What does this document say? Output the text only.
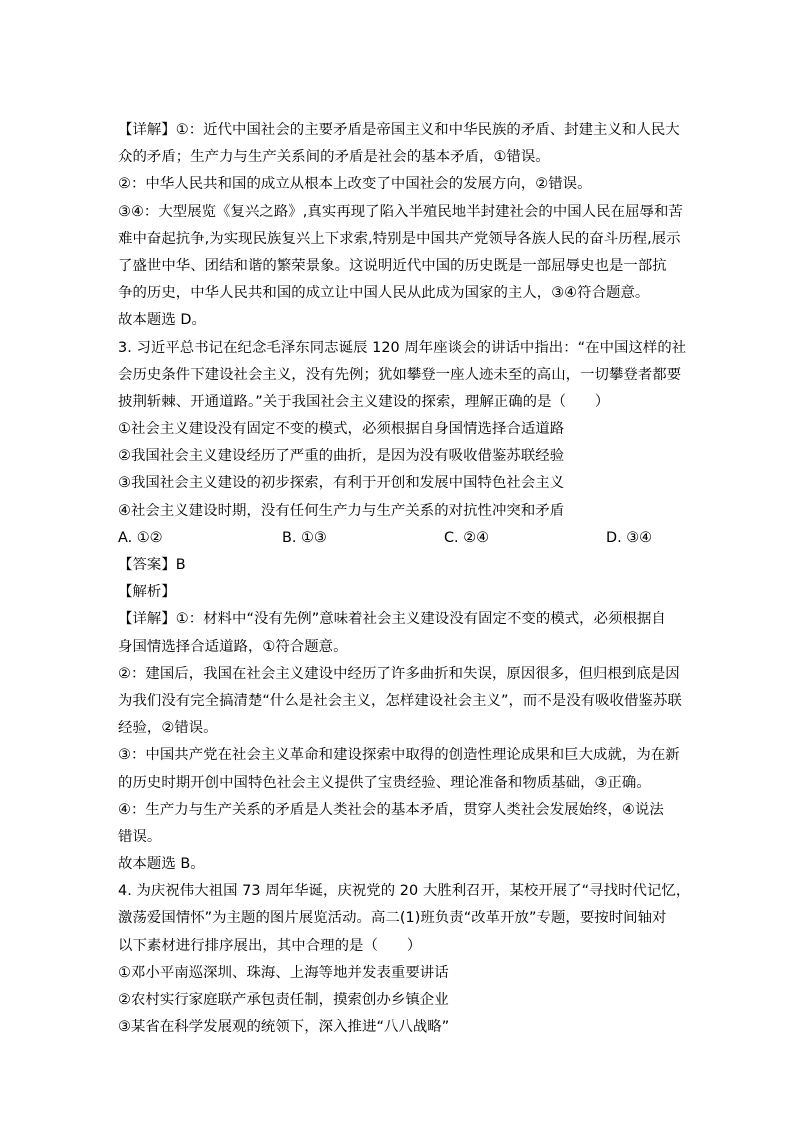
【详解】①：近代中国社会的主要矛盾是帝国主义和中华民族的矛盾、封建主义和人民大
众的矛盾；生产力与生产关系间的矛盾是社会的基本矛盾，①错误。
②：中华人民共和国的成立从根本上改变了中国社会的发展方向，②错误。
③④：大型展览《复兴之路》,真实再现了陷入半殖民地半封建社会的中国人民在屈辱和苦
难中奋起抗争,为实现民族复兴上下求索,特别是中国共产党领导各族人民的奋斗历程,展示
了盛世中华、团结和谐的繁荣景象。这说明近代中国的历史既是一部屈辱史也是一部抗
争的历史，中华人民共和国的成立让中国人民从此成为国家的主人，③④符合题意。
故本题选 D。
3. 习近平总书记在纪念毛泽东同志诞辰 120 周年座谈会的讲话中指出：“在中国这样的社
会历史条件下建设社会主义，没有先例；犹如攀登一座人迹未至的高山，一切攀登者都要
披荆斩棘、开通道路。”关于我国社会主义建设的探索，理解正确的是（　　）
①社会主义建设没有固定不变的模式，必须根据自身国情选择合适道路
②我国社会主义建设经历了严重的曲折，是因为没有吸收借鉴苏联经验
③我国社会主义建设的初步探索，有利于开创和发展中国特色社会主义
④社会主义建设时期，没有任何生产力与生产关系的对抗性冲突和矛盾
A. ①②	B. ①③	C. ②④	D. ③④
【答案】B
【解析】
【详解】①：材料中“没有先例”意味着社会主义建设没有固定不变的模式，必须根据自
身国情选择合适道路，①符合题意。
②：建国后，我国在社会主义建设中经历了许多曲折和失误，原因很多，但归根到底是因
为我们没有完全搞清楚“什么是社会主义，怎样建设社会主义”，而不是没有吸收借鉴苏联
经验，②错误。
③：中国共产党在社会主义革命和建设探索中取得的创造性理论成果和巨大成就，为在新
的历史时期开创中国特色社会主义提供了宝贵经验、理论准备和物质基础，③正确。
④：生产力与生产关系的矛盾是人类社会的基本矛盾，贯穿人类社会发展始终，④说法
错误。
故本题选 B。
4. 为庆祝伟大祖国 73 周年华诞，庆祝党的 20 大胜利召开，某校开展了“寻找时代记忆，
激荡爱国情怀”为主题的图片展览活动。高二(1)班负责“改革开放”专题，要按时间轴对
以下素材进行排序展出，其中合理的是（　　）
①邓小平南巡深圳、珠海、上海等地并发表重要讲话
②农村实行家庭联产承包责任制，摸索创办乡镇企业
③某省在科学发展观的统领下，深入推进“八八战略”
